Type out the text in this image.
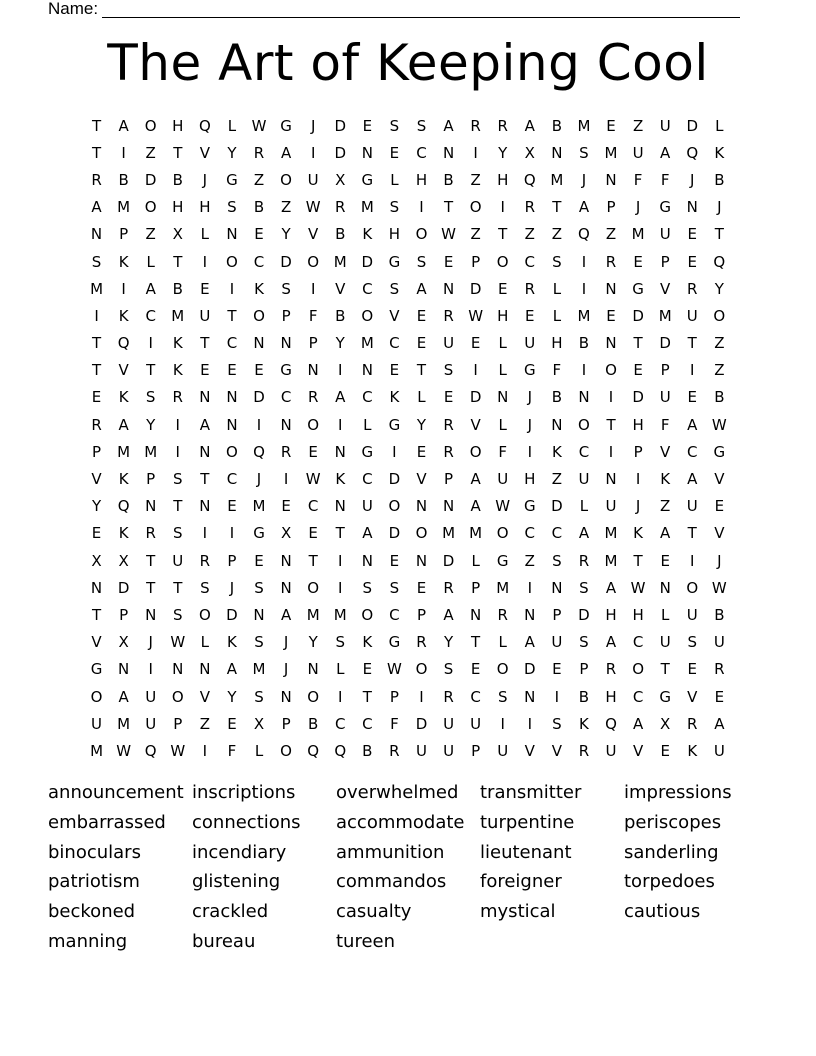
Name:
The Art of Keeping Cool
T	A	O	H	Q	L	W G	J	D	E	S	S	A	R	R	A	B	M	E	Z	U	D	L
T	I	Z	T	V	Y	R	A	I	D	N	E	C	N	I	Y	X	N	S	M	U	A	Q	K
R	B	D	B	J	G	Z	O	U	X	G	L	H	B	Z	H	Q M	J	N	F	F	J	B
A	M O	H	H	S	B	Z W R	M	S	I	T	O	I	R	T	A	P	J	G	N	J
N	P	Z	X	L	N	E	Y	V	B	K	H	O W Z	T	Z	Z	Q	Z	M	U	E	T
S	K	L	T	I	O	C	D	O M D	G	S	E	P	O	C	S	I	R	E	P	E	Q
M	I	A	B	E	I	K	S	I	V	C	S	A	N	D	E	R	L	I	N	G	V	R	Y
I	K	C	M	U	T	O	P	F	B	O	V	E	R W H	E	L	M	E	D M	U	O
T	Q	I	K	T	C	N	N	P	Y	M	C	E	U	E	L	U	H	B	N	T	D	T	Z
T	V	T	K	E	E	E	G	N	I	N	E	T	S	I	L	G	F	I	O	E	P	I	Z
E	K	S	R	N	N	D	C	R	A	C	K	L	E	D	N	J	B	N	I	D	U	E	B
R	A	Y	I	A	N	I	N	O	I	L	G	Y	R	V	L	J	N	O	T	H	F	A W
P	M M	I	N	O	Q	R	E	N	G	I	E	R	O	F	I	K	C	I	P	V	C	G
V	K	P	S	T	C	J	I	W K	C	D	V	P	A	U	H	Z	U	N	I	K	A	V
Y	Q	N	T	N	E	M	E	C	N	U	O	N	N	A W G	D	L	U	J	Z	U	E
E	K	R	S	I	I	G	X	E	T	A	D	O M M O	C	C	A	M	K	A	T	V
X	X	T	U	R	P	E	N	T	I	N	E	N	D	L	G	Z	S	R	M	T	E	I	J
N	D	T	T	S	J	S	N	O	I	S	S	E	R	P	M	I	N	S	A W N	O W
T	P	N	S	O	D	N	A	M M O	C	P	A	N	R	N	P	D	H	H	L	U	B
V	X	J	W	L	K	S	J	Y	S	K	G	R	Y	T	L	A	U	S	A	C	U	S	U
G	N	I	N	N	A	M	J	N	L	E W O	S	E	O	D	E	P	R	O	T	E	R
O	A	U	O	V	Y	S	N	O	I	T	P	I	R	C	S	N	I	B	H	C	G	V	E
U	M	U	P	Z	E	X	P	B	C	C	F	D	U	U	I	I	S	K	Q	A	X	R	A
M W Q W	I	F	L	O	Q	Q	B	R	U	U	P	U	V	V	R	U	V	E	K	U
announcement inscriptions	overwhelmed	transmitter	impressions
embarrassed	connections	accommodate turpentine	periscopes
binoculars	incendiary	ammunition	lieutenant	sanderling
patriotism	glistening	commandos	foreigner	torpedoes
beckoned	crackled	casualty	mystical	cautious
manning	bureau	tureen
